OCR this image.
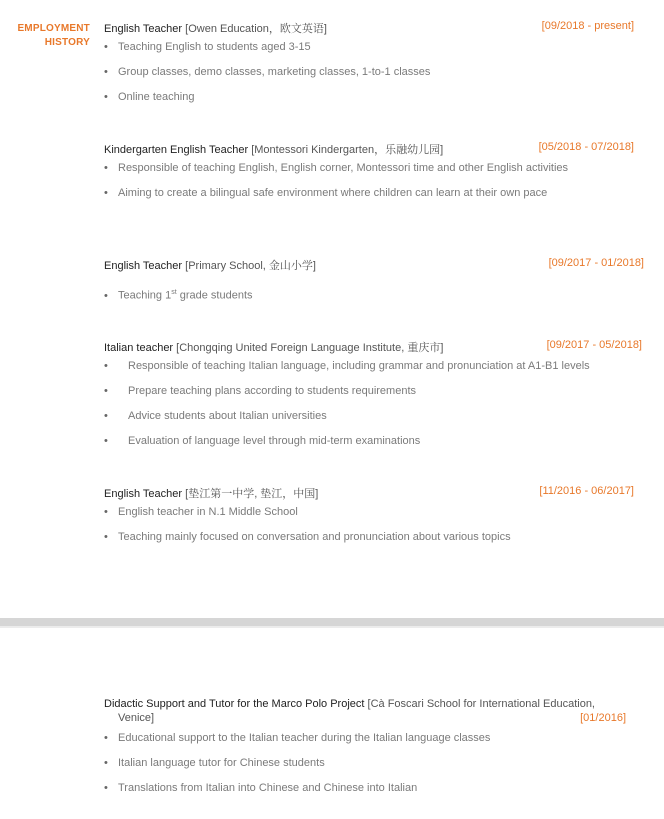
EMPLOYMENT
HISTORY
English Teacher [Owen Education，欧文英语]	[09/2018 - present]
• Teaching English to students aged 3-15
• Group classes, demo classes, marketing classes, 1-to-1 classes
• Online teaching
Kindergarten English Teacher [Montessori Kindergarten，乐融幼儿园]	[05/2018 - 07/2018]
• Responsible of teaching English, English corner, Montessori time and other English activities
• Aiming to create a bilingual safe environment where children can learn at their own pace
English Teacher [Primary School, 金山小学]	[09/2017 - 01/2018]
• Teaching 1st grade students
Italian teacher [Chongqing United Foreign Language Institute, 重庆市]	[09/2017 - 05/2018]
• Responsible of teaching Italian language, including grammar and pronunciation at A1-B1 levels
• Prepare teaching plans according to students requirements
• Advice students about Italian universities
• Evaluation of language level through mid-term examinations
English Teacher [垫江第一中学, 垫江，中国]	[11/2016 - 06/2017]
• English teacher in N.1 Middle School
• Teaching mainly focused on conversation and pronunciation about various topics
Didactic Support and Tutor for the Marco Polo Project [Cà Foscari School for International Education,
Venice]	[01/2016]
• Educational support to the Italian teacher during the Italian language classes
• Italian language tutor for Chinese students
• Translations from Italian into Chinese and Chinese into Italian
